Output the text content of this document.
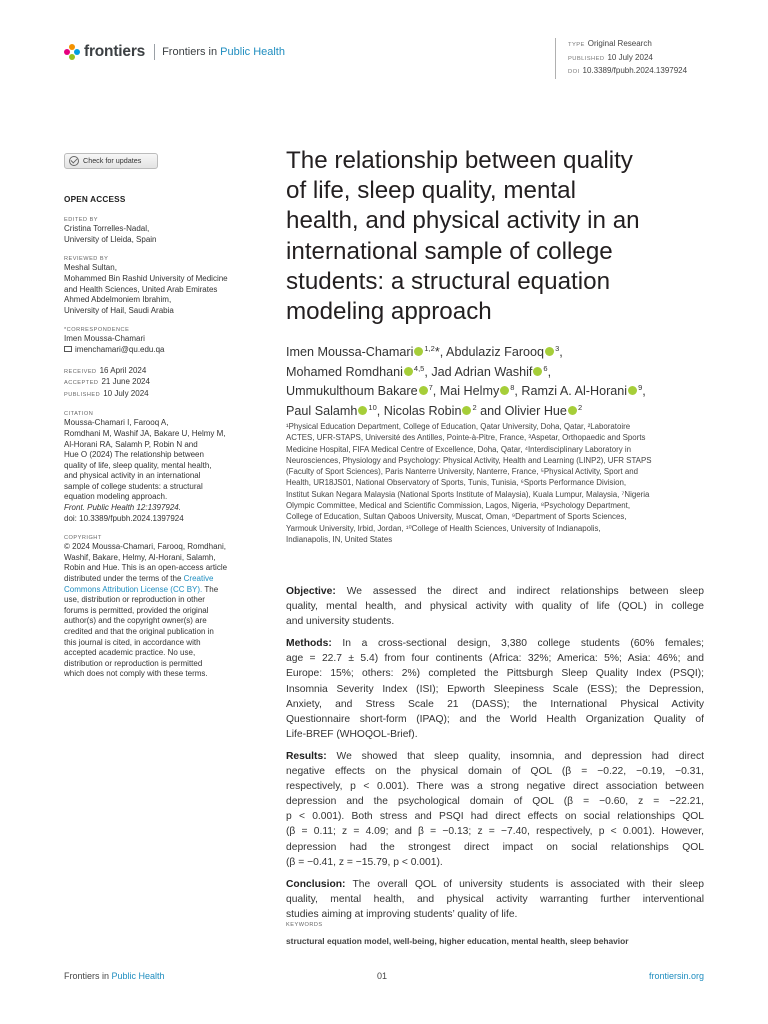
frontiers Frontiers in Public Health
TYPE Original Research
PUBLISHED 10 July 2024
DOI 10.3389/fpubh.2024.1397924
Check for updates
OPEN ACCESS
EDITED BY
Cristina Torrelles-Nadal,
University of Lleida, Spain
REVIEWED BY
Meshal Sultan,
Mohammed Bin Rashid University of Medicine
and Health Sciences, United Arab Emirates
Ahmed Abdelmoniem Ibrahim,
University of Hail, Saudi Arabia
*CORRESPONDENCE
Imen Moussa-Chamari
imenchamari@qu.edu.qa
RECEIVED 16 April 2024
ACCEPTED 21 June 2024
PUBLISHED 10 July 2024
CITATION
Moussa-Chamari I, Farooq A,
Romdhani M, Washif JA, Bakare U, Helmy M,
Al-Horani RA, Salamh P, Robin N and
Hue O (2024) The relationship between
quality of life, sleep quality, mental health,
and physical activity in an international
sample of college students: a structural
equation modeling approach.
Front. Public Health 12:1397924.
doi: 10.3389/fpubh.2024.1397924
COPYRIGHT
© 2024 Moussa-Chamari, Farooq, Romdhani,
Washif, Bakare, Helmy, Al-Horani, Salamh,
Robin and Hue. This is an open-access article
distributed under the terms of the Creative
Commons Attribution License (CC BY). The
use, distribution or reproduction in other
forums is permitted, provided the original
author(s) and the copyright owner(s) are
credited and that the original publication in
this journal is cited, in accordance with
accepted academic practice. No use,
distribution or reproduction is permitted
which does not comply with these terms.
The relationship between quality
of life, sleep quality, mental
health, and physical activity in an
international sample of college
students: a structural equation
modeling approach
Imen Moussa-Chamari $^{1,2}$*, Abdulaziz Farooq $^3$,
Mohamed Romdhani $^{4,5}$, Jad Adrian Washif $^6$,
Ummukulthoum Bakare $^7$, Mai Helmy $^8$, Ramzi A. Al-Horani $^9$,
Paul Salamh $^{10}$, Nicolas Robin $^2$ and Olivier Hue $^2$

¹Physical Education Department, College of Education, Qatar University, Doha, Qatar, ²Laboratoire

ACTES, UFR-STAPS, Université des Antilles, Pointe-à-Pitre, France, ³Aspetar, Orthopaedic and Sports

Medicine Hospital, FIFA Medical Centre of Excellence, Doha, Qatar, ⁴Interdisciplinary Laboratory in

Neurosciences, Physiology and Psychology: Physical Activity, Health and Learning (LINP2), UFR STAPS

(Faculty of Sport Sciences), Paris Nanterre University, Nanterre, France, ⁵Physical Activity, Sport and

Health, UR18JS01, National Observatory of Sports, Tunis, Tunisia, ⁶Sports Performance Division,

Institut Sukan Negara Malaysia (National Sports Institute of Malaysia), Kuala Lumpur, Malaysia, ⁷Nigeria

Olympic Committee, Medical and Scientific Commission, Lagos, Nigeria, ⁸Psychology Department,

College of Education, Sultan Qaboos University, Muscat, Oman, ⁹Department of Sports Sciences,

Yarmouk University, Irbid, Jordan, ¹⁰College of Health Sciences, University of Indianapolis,

Indianapolis, IN, United States

Objective: We assessed the direct and indirect relationships between sleep
quality, mental health, and physical activity with quality of life (QOL) in college
and university students.

Methods: In a cross-sectional design, 3,380 college students (60% females;
age = 22.7 ± 5.4) from four continents (Africa: 32%; America: 5%; Asia: 46%; and
Europe: 15%; others: 2%) completed the Pittsburgh Sleep Quality Index (PSQI);
Insomnia Severity Index (ISI); Epworth Sleepiness Scale (ESS); the Depression,
Anxiety, and Stress Scale 21 (DASS); the International Physical Activity
Questionnaire short-form (IPAQ); and the World Health Organization Quality of
Life-BREF (WHOQOL-Brief).

Results: We showed that sleep quality, insomnia, and depression had direct
negative effects on the physical domain of QOL (β = −0.22, −0.19, −0.31,
respectively, p < 0.001). There was a strong negative direct association between
depression and the psychological domain of QOL (β = −0.60, z = −22.21,
p < 0.001). Both stress and PSQI had direct effects on social relationships QOL
(β = 0.11; z = 4.09; and β = −0.13; z = −7.40, respectively, p < 0.001). However,
depression had the strongest direct impact on social relationships QOL
(β = −0.41, z = −15.79, p < 0.001).

Conclusion: The overall QOL of university students is associated with their sleep
quality, mental health, and physical activity warranting further interventional
studies aiming at improving students’ quality of life.

KEYWORDS
structural equation model, well-being, higher education, mental health, sleep behavior
Frontiers in Public Health	01	frontiersin.org
